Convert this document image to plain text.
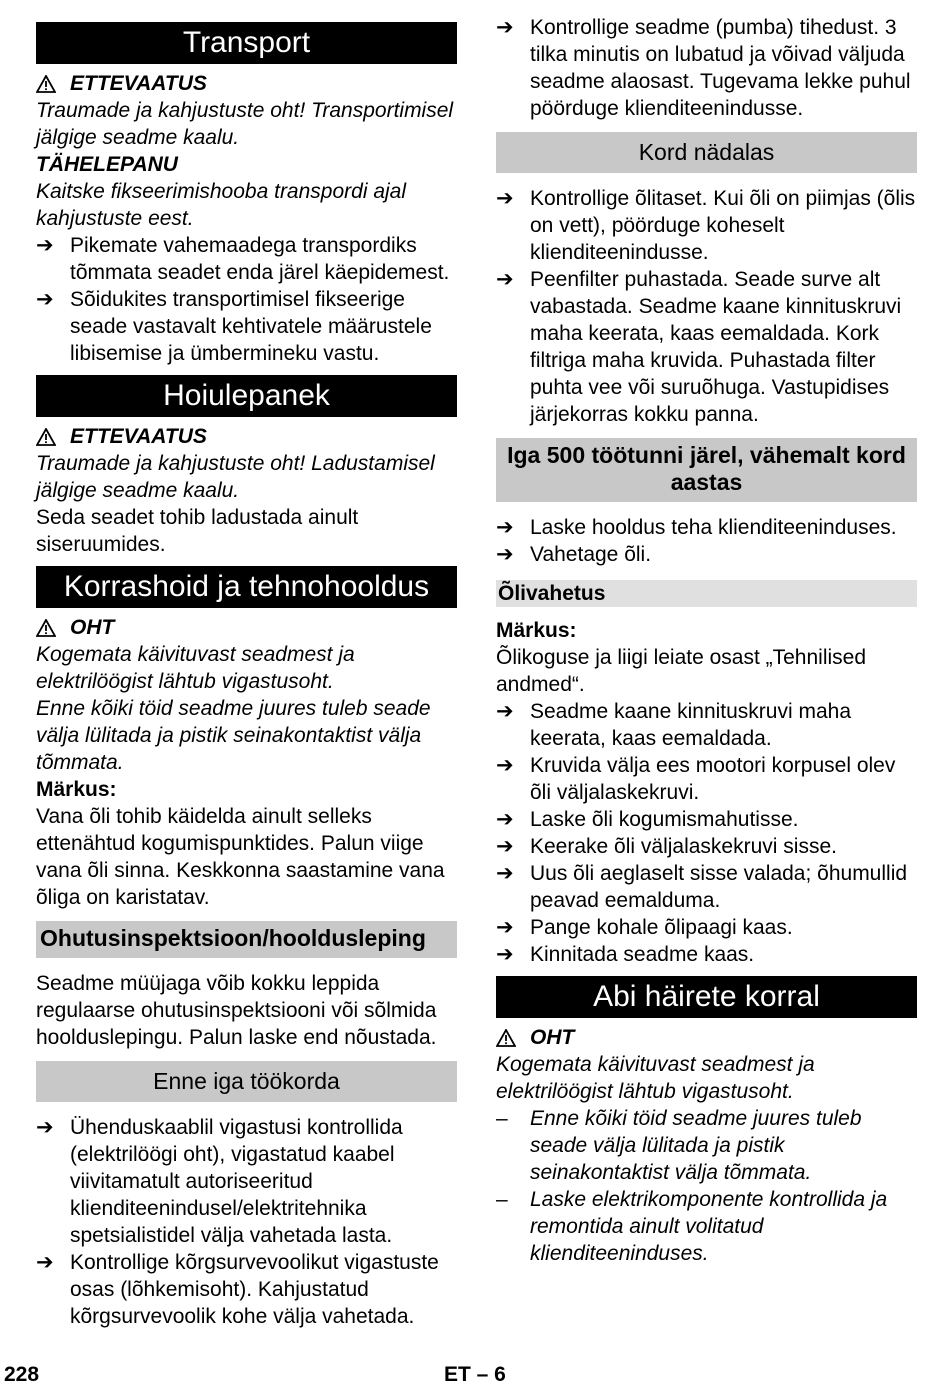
Transport
ETTEVAATUS

Traumade ja kahjustuste oht! Transportimisel jälgige seadme kaalu.

TÄHELEPANU

Kaitske fikseerimishooba transpordi ajal kahjustuste eest.

➔ Pikemate vahemaadega transpordiks tõmmata seadet enda järel käepidemest.
➔ Sõidukites transportimisel fikseerige seade vastavalt kehtivatele määrustele libisemise ja ümbermineku vastu.
Hoiulepanek
ETTEVAATUS

Traumade ja kahjustuste oht! Ladustamisel jälgige seadme kaalu.

Seda seadet tohib ladustada ainult siseruumides.

Korrashoid ja tehnohooldus
OHT

Kogemata käivituvast seadmest ja elektrilöögist lähtub vigastusoht.

Enne kõiki töid seadme juures tuleb seade välja lülitada ja pistik seinakontaktist välja tõmmata.

Märkus:

Vana õli tohib käidelda ainult selleks ettenähtud kogumispunktides. Palun viige vana õli sinna. Keskkonna saastamine vana õliga on karistatav.

Ohutusinspektsioon/hooldusleping

Seadme müüjaga võib kokku leppida regulaarse ohutusinspektsiooni või sõlmida hoolduslepingu. Palun laske end nõustada.

Enne iga töökorda
➔ Ühenduskaablil vigastusi kontrollida (elektrilöögi oht), vigastatud kaabel viivitamatult autoriseeritud klienditeenindusel/elektritehnika spetsialistidel välja vahetada lasta.
➔ Kontrollige kõrgsurvevoolikut vigastuste osas (lõhkemisoht). Kahjustatud kõrgsurvevoolik kohe välja vahetada.
➔ Kontrollige seadme (pumba) tihedust. 3 tilka minutis on lubatud ja võivad väljuda seadme alaosast. Tugevama lekke puhul pöörduge klienditeenindusse.
Kord nädalas
➔ Kontrollige õlitaset. Kui õli on piimjas (õlis on vett), pöörduge koheselt klienditeenindusse.
➔ Peenfilter puhastada. Seade surve alt vabastada. Seadme kaane kinnituskruvi maha keerata, kaas eemaldada. Kork filtriga maha kruvida. Puhastada filter puhta vee või suruõhuga. Vastupidises järjekorras kokku panna.
Iga 500 töötunni järel, vähemalt kord aastas
➔ Laske hooldus teha klienditeeninduses.
➔ Vahetage õli.
Õlivahetus

Märkus:

Õlikoguse ja liigi leiate osast „Tehnilised andmed“.

➔ Seadme kaane kinnituskruvi maha keerata, kaas eemaldada.
➔ Kruvida välja ees mootori korpusel olev õli väljalaskekruvi.
➔ Laske õli kogumismahutisse.
➔ Keerake õli väljalaskekruvi sisse.
➔ Uus õli aeglaselt sisse valada; õhumullid peavad eemalduma.
➔ Pange kohale õlipaagi kaas.
➔ Kinnitada seadme kaas.
Abi häirete korral
OHT

Kogemata käivituvast seadmest ja elektrilöögist lähtub vigastusoht.

–	Enne kõiki töid seadme juures tuleb seade välja lülitada ja pistik seinakontaktist välja tõmmata.
–	Laske elektrikomponente kontrollida ja remontida ainult volitatud klienditeeninduses.
228	ET – 6
